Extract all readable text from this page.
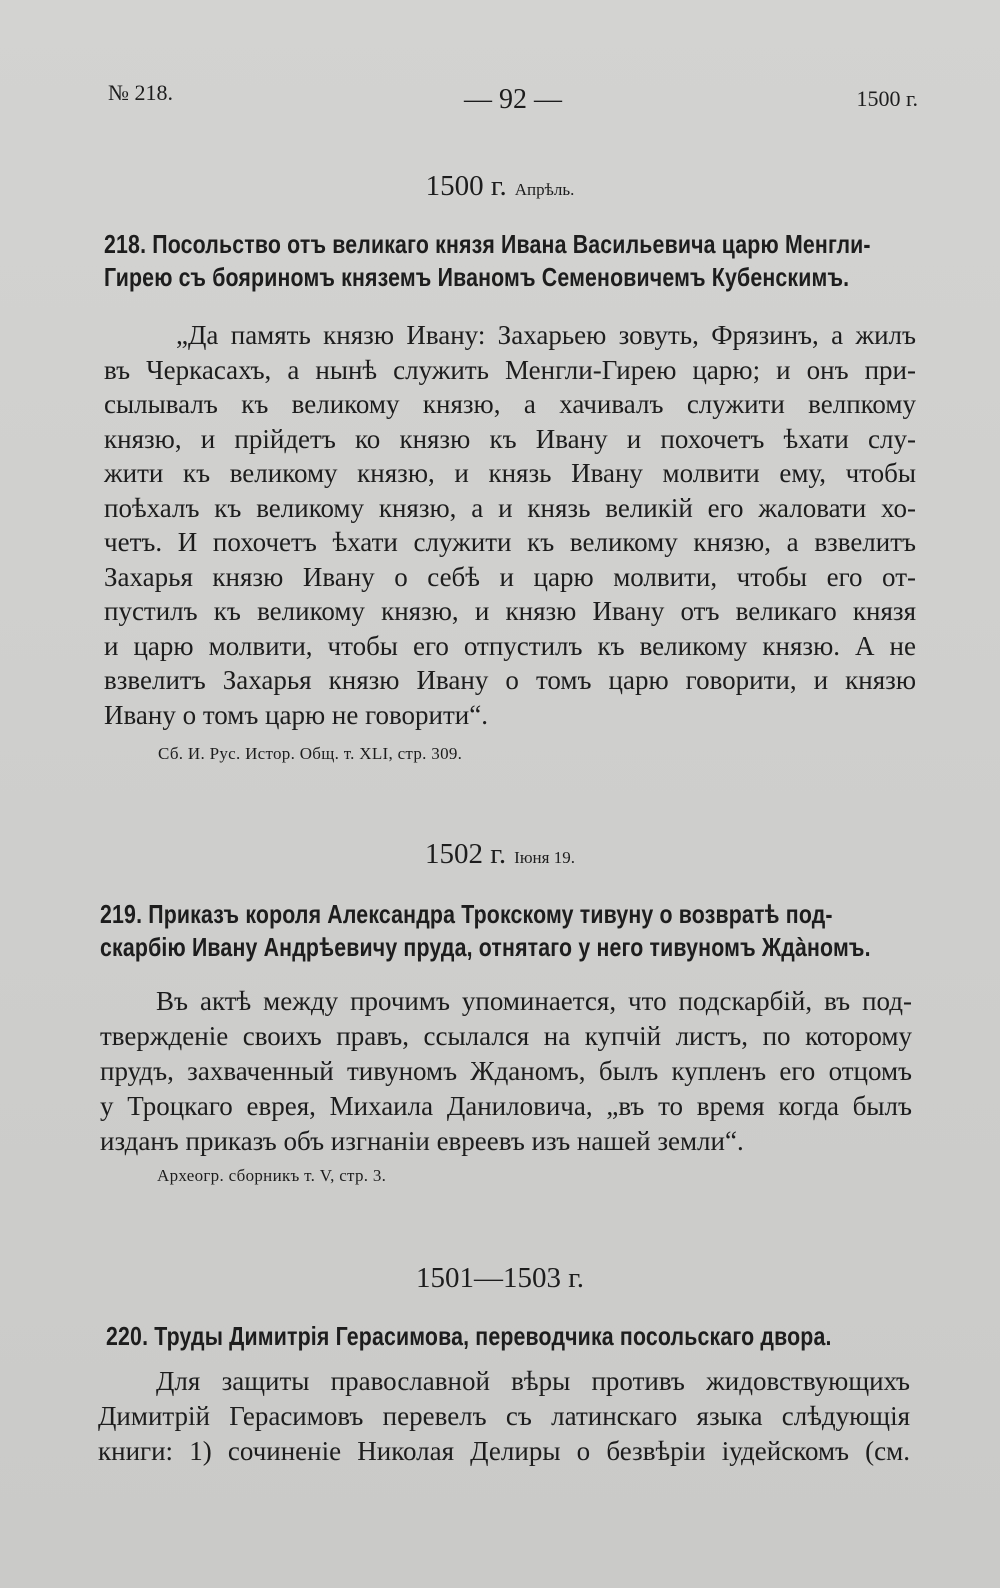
№ 218.	— 92 —	1500 г.
1500 г. Апрѣль.
218. Посольство отъ великаго князя Ивана Васильевича царю Менгли-
Гирею съ бояриномъ княземъ Иваномъ Семеновичемъ Кубенскимъ.
„Да память князю Ивану: Захарьею зовуть, Фрязинъ, а жилъ
въ Черкасахъ, а нынѣ служить Менгли-Гирею царю; и онъ при-
сылывалъ къ великому князю, а хачивалъ служити велпкому
князю, и прійдетъ ко князю къ Ивану и похочетъ ѣхати слу-
жити къ великому князю, и князь Ивану молвити ему, чтобы
поѣхалъ къ великому князю, а и князь великій его жаловати хо-
четъ. И похочетъ ѣхати служити къ великому князю, а взвелитъ
Захарья князю Ивану о себѣ и царю молвити, чтобы его от-
пустилъ къ великому князю, и князю Ивану отъ великаго князя
и царю молвити, чтобы его отпустилъ къ великому князю. А не
взвелитъ Захарья князю Ивану о томъ царю говорити, и князю
Ивану о томъ царю не говорити“.
Сб. И. Рус. Истор. Общ. т. XLI, стр. 309.
1502 г. Іюня 19.
219. Приказъ короля Александра Трокскому тивуну о возвратѣ под-
скарбію Ивану Андрѣевичу пруда, отнятаго у него тивуномъ Ждàномъ.
Въ актѣ между прочимъ упоминается, что подскарбій, въ под-
твержденіе своихъ правъ, ссылался на купчій листъ, по которому
прудъ, захваченный тивуномъ Жданомъ, былъ купленъ его отцомъ
у Троцкаго еврея, Михаила Даниловича, „въ то время когда былъ
изданъ приказъ объ изгнаніи евреевъ изъ нашей земли“.
Археогр. сборникъ т. V, стр. 3.
1501—1503 г.
220. Труды Димитрія Герасимова, переводчика посольскаго двора.
Для защиты православной вѣры противъ жидовствующихъ
Димитрій Герасимовъ перевелъ съ латинскаго языка слѣдующія
книги: 1) сочиненіе Николая Делиры о безвѣріи іудейскомъ (см.
